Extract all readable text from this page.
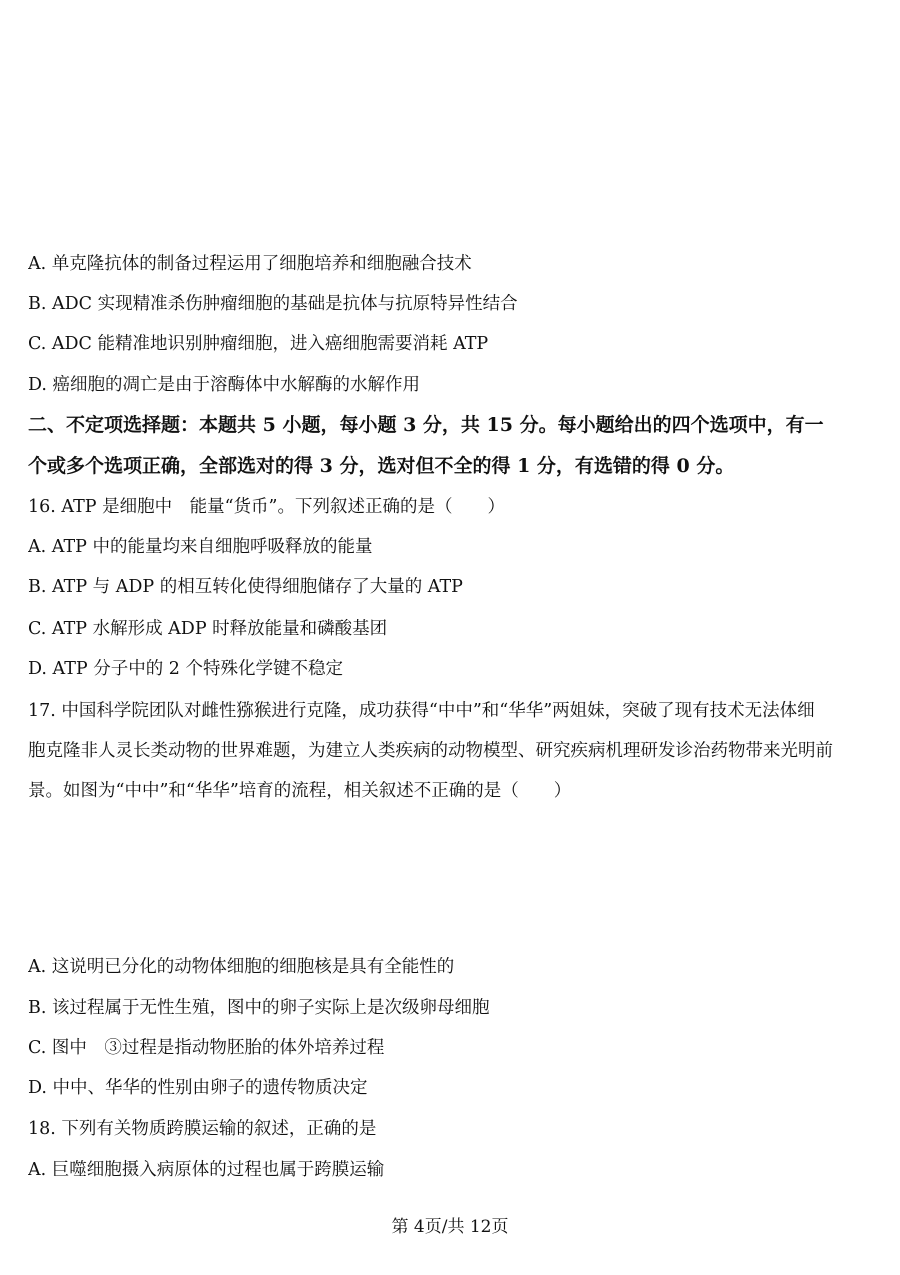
A. 单克隆抗体的制备过程运用了细胞培养和细胞融合技术
B. ADC 实现精准杀伤肿瘤细胞的基础是抗体与抗原特异性结合
C. ADC 能精准地识别肿瘤细胞，进入癌细胞需要消耗 ATP
D. 癌细胞的凋亡是由于溶酶体中水解酶的水解作用
二、不定项选择题：本题共 5 小题，每小题 3 分，共 15 分。每小题给出的四个选项中，有一
个或多个选项正确，全部选对的得 3 分，选对但不全的得 1 分，有选错的得 0 分。
16. ATP 是细胞中　能量“货币”。下列叙述正确的是（　　）
A. ATP 中的能量均来自细胞呼吸释放的能量
B. ATP 与 ADP 的相互转化使得细胞储存了大量的 ATP
C. ATP 水解形成 ADP 时释放能量和磷酸基团
D. ATP 分子中的 2 个特殊化学键不稳定
17. 中国科学院团队对雌性猕猴进行克隆，成功获得“中中”和“华华”两姐妹，突破了现有技术无法体细
胞克隆非人灵长类动物的世界难题，为建立人类疾病的动物模型、研究疾病机理研发诊治药物带来光明前
景。如图为“中中”和“华华”培育的流程，相关叙述不正确的是（　　）
A. 这说明已分化的动物体细胞的细胞核是具有全能性的
B. 该过程属于无性生殖，图中的卵子实际上是次级卵母细胞
C. 图中　③过程是指动物胚胎的体外培养过程
D. 中中、华华的性别由卵子的遗传物质决定
18. 下列有关物质跨膜运输的叙述，正确的是
A. 巨噬细胞摄入病原体的过程也属于跨膜运输
第 4页/共 12页
